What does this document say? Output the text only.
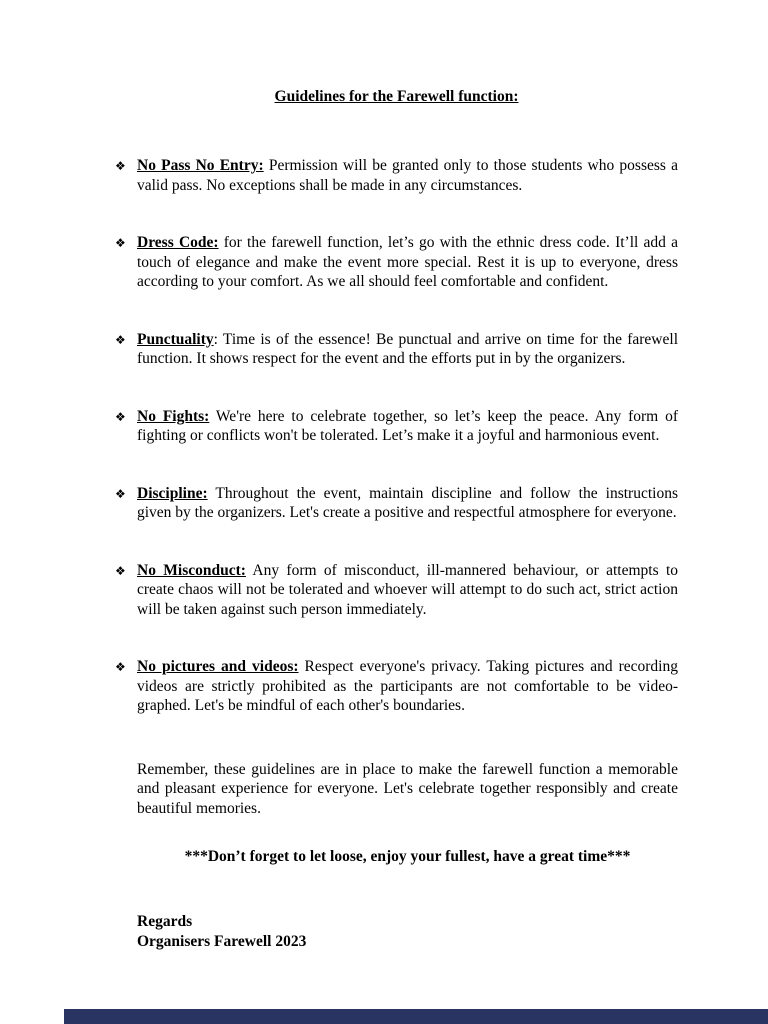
Guidelines for the Farewell function:
❖ No Pass No Entry: Permission will be granted only to those students who possess a valid pass. No exceptions shall be made in any circumstances.

❖ Dress Code: for the farewell function, let’s go with the ethnic dress code. It’ll add a touch of elegance and make the event more special. Rest it is up to everyone, dress according to your comfort. As we all should feel comfortable and confident.

❖ Punctuality: Time is of the essence! Be punctual and arrive on time for the farewell function. It shows respect for the event and the efforts put in by the organizers.

❖ No Fights: We're here to celebrate together, so let’s keep the peace. Any form of fighting or conflicts won't be tolerated. Let’s make it a joyful and harmonious event.

❖ Discipline: Throughout the event, maintain discipline and follow the instructions given by the organizers. Let's create a positive and respectful atmosphere for everyone.

❖ No Misconduct: Any form of misconduct, ill-mannered behaviour, or attempts to create chaos will not be tolerated and whoever will attempt to do such act, strict action will be taken against such person immediately.

❖ No pictures and videos: Respect everyone's privacy. Taking pictures and recording videos are strictly prohibited as the participants are not comfortable to be video-graphed. Let's be mindful of each other's boundaries.

Remember, these guidelines are in place to make the farewell function a memorable and pleasant experience for everyone. Let's celebrate together responsibly and create beautiful memories.

***Don’t forget to let loose, enjoy your fullest, have a great time***
Regards
Organisers Farewell 2023
